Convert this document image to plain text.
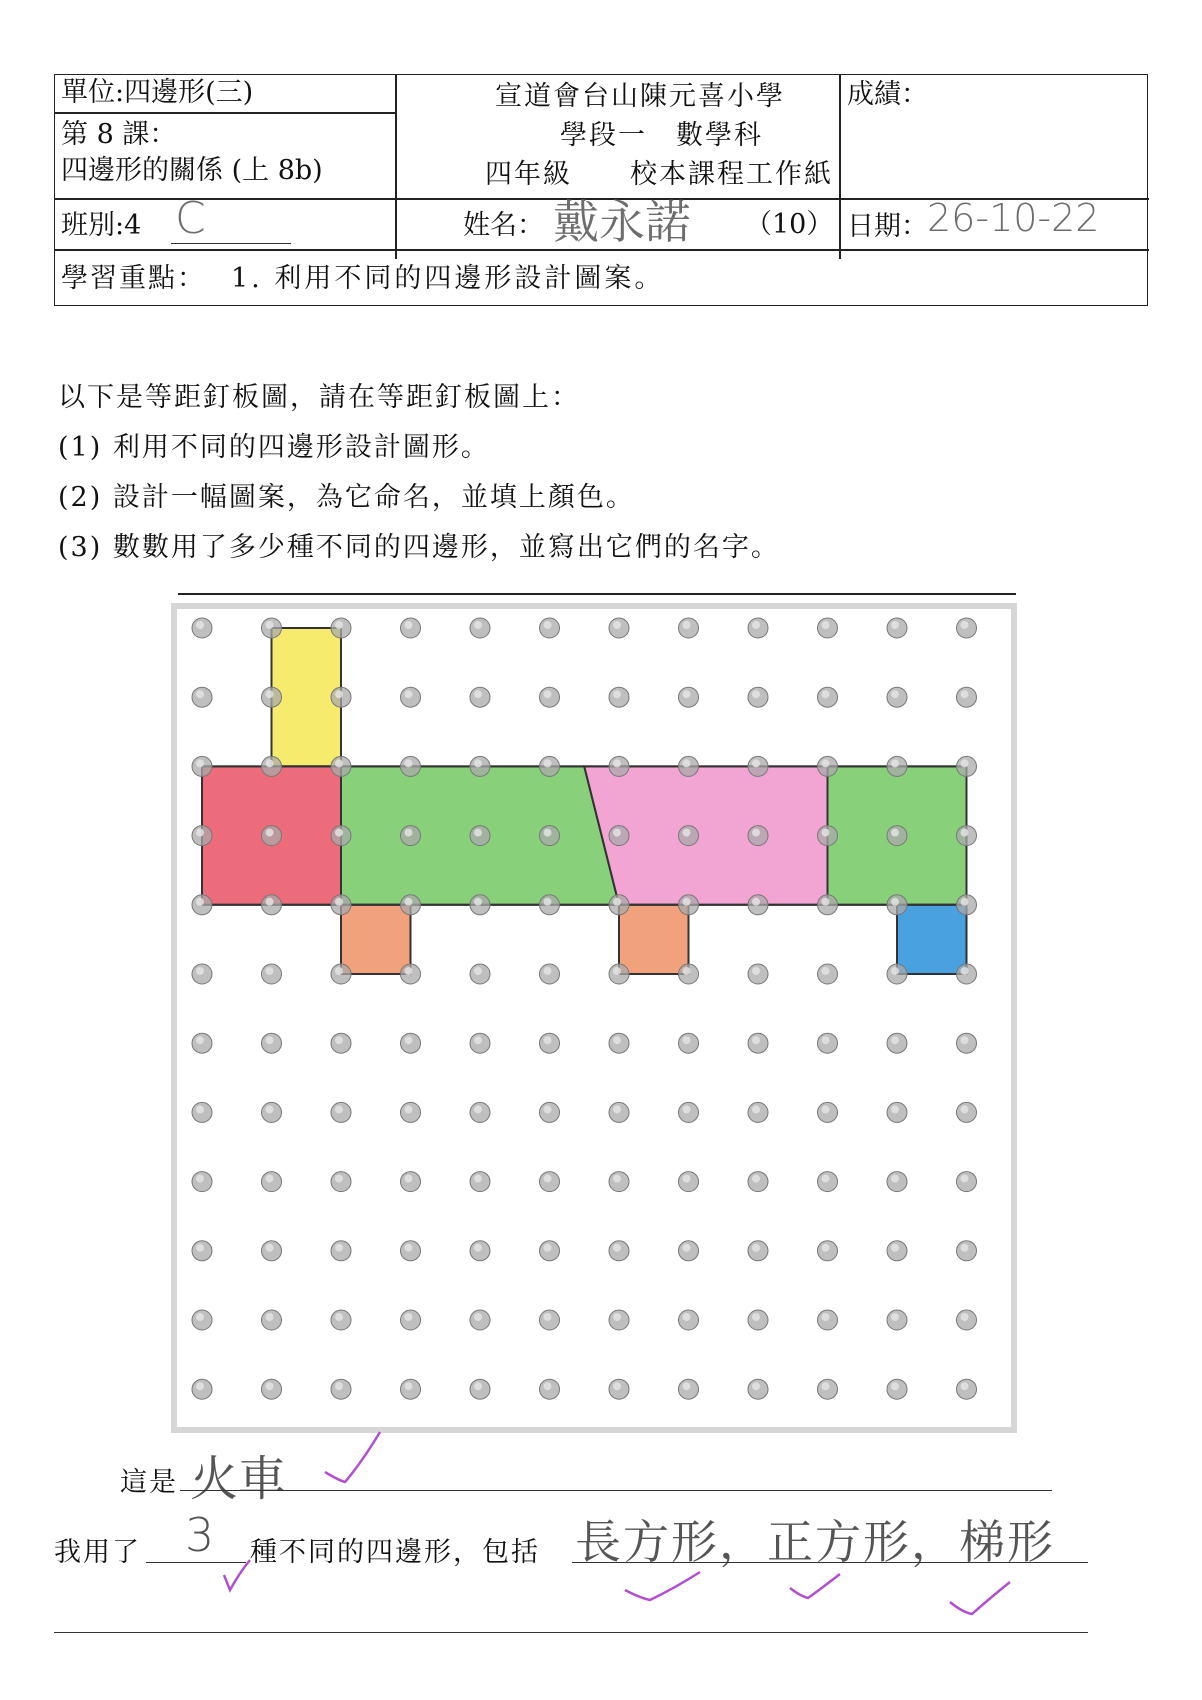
單位:四邊形(三)
第 8 課：
四邊形的關係 (上 8b)
宣道會台山陳元喜小學
學段一　數學科
四年級　　校本課程工作紙
成績：
班別:4 C	姓名： 戴永諾 （10） 日期： 26-10-22
學習重點： 1. 利用不同的四邊形設計圖案。
以下是等距釘板圖，請在等距釘板圖上：
(1) 利用不同的四邊形設計圖形。
(2) 設計一幅圖案，為它命名，並填上顏色。
(3) 數數用了多少種不同的四邊形，並寫出它們的名字。
這是 火車
我用了 3 種不同的四邊形，包括 長方形，正方形，梯形
